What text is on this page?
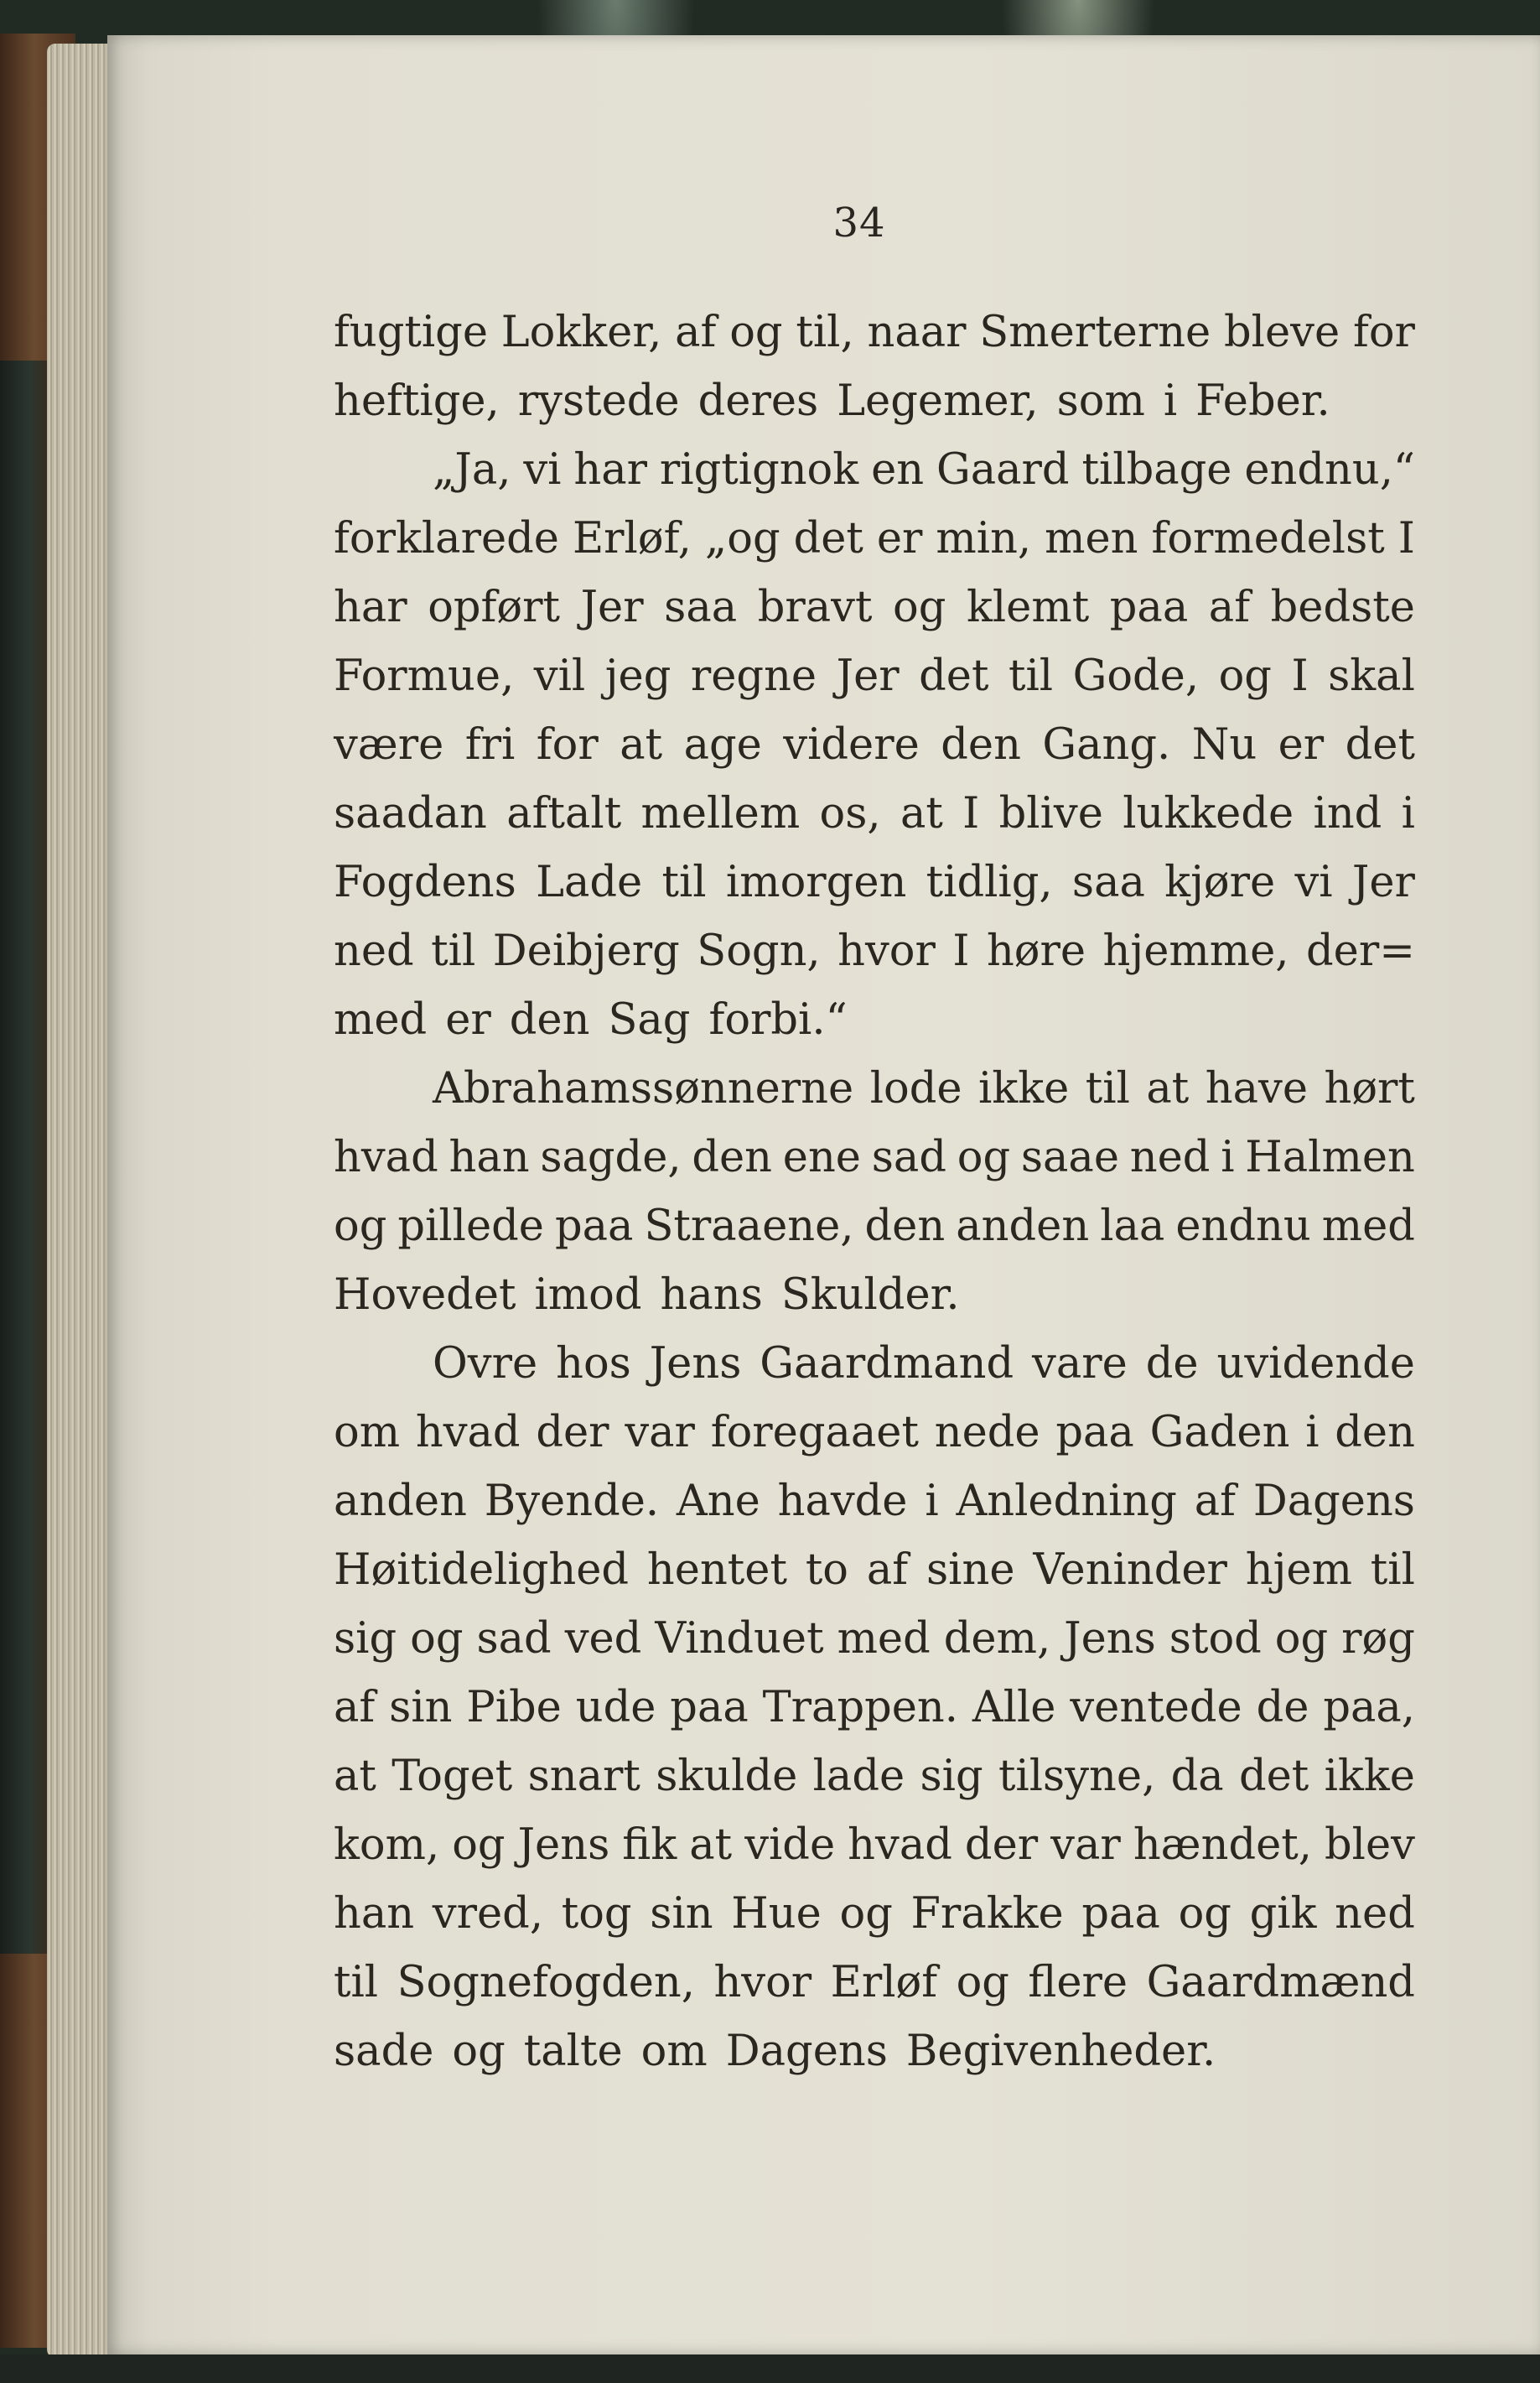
34
fugtige Lokker, af og til, naar Smerterne bleve for
heftige, rystede deres Legemer, som i Feber.
„Ja, vi har rigtignok en Gaard tilbage endnu,“
forklarede Erløf, „og det er min, men formedelst I
har opført Jer saa bravt og klemt paa af bedste
Formue, vil jeg regne Jer det til Gode, og I skal
være fri for at age videre den Gang. Nu er det
saadan aftalt mellem os, at I blive lukkede ind i
Fogdens Lade til imorgen tidlig, saa kjøre vi Jer
ned til Deibjerg Sogn, hvor I høre hjemme, der=
med er den Sag forbi.“
Abrahamssønnerne lode ikke til at have hørt
hvad han sagde, den ene sad og saae ned i Halmen
og pillede paa Straaene, den anden laa endnu med
Hovedet imod hans Skulder.
Ovre hos Jens Gaardmand vare de uvidende
om hvad der var foregaaet nede paa Gaden i den
anden Byende. Ane havde i Anledning af Dagens
Høitidelighed hentet to af sine Veninder hjem til
sig og sad ved Vinduet med dem, Jens stod og røg
af sin Pibe ude paa Trappen. Alle ventede de paa,
at Toget snart skulde lade sig tilsyne, da det ikke
kom, og Jens fik at vide hvad der var hændet, blev
han vred, tog sin Hue og Frakke paa og gik ned
til Sognefogden, hvor Erløf og flere Gaardmænd
sade og talte om Dagens Begivenheder.
